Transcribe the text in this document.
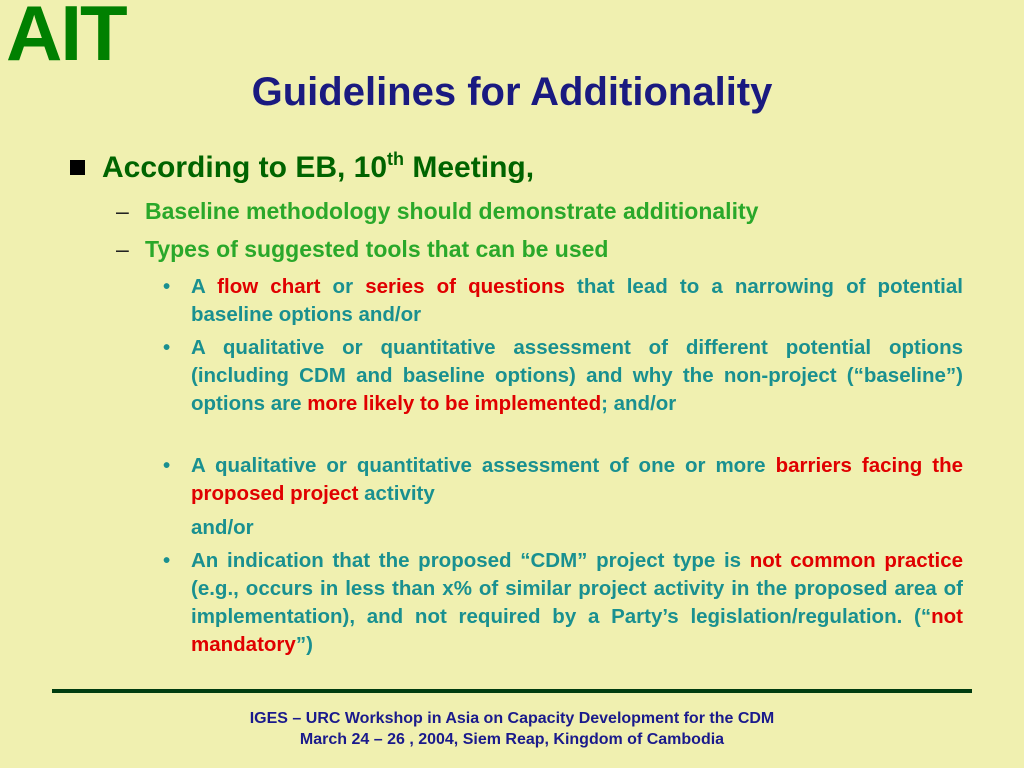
AIT
Guidelines for Additionality
According to EB, 10th Meeting,
– Baseline methodology should demonstrate additionality
– Types of suggested tools that can be used
• A flow chart or series of questions that lead to a narrowing of potential baseline options and/or
• A qualitative or quantitative assessment of different potential options (including CDM and baseline options) and why the non-project (“baseline”) options are more likely to be implemented; and/or
• A qualitative or quantitative assessment of one or more barriers facing the proposed project activity
and/or
• An indication that the proposed “CDM” project type is not common practice (e.g., occurs in less than x% of similar project activity in the proposed area of implementation), and not required by a Party’s legislation/regulation. (“not mandatory”)
IGES – URC Workshop in Asia on Capacity Development for the CDM
March 24 – 26 , 2004, Siem Reap, Kingdom of Cambodia
